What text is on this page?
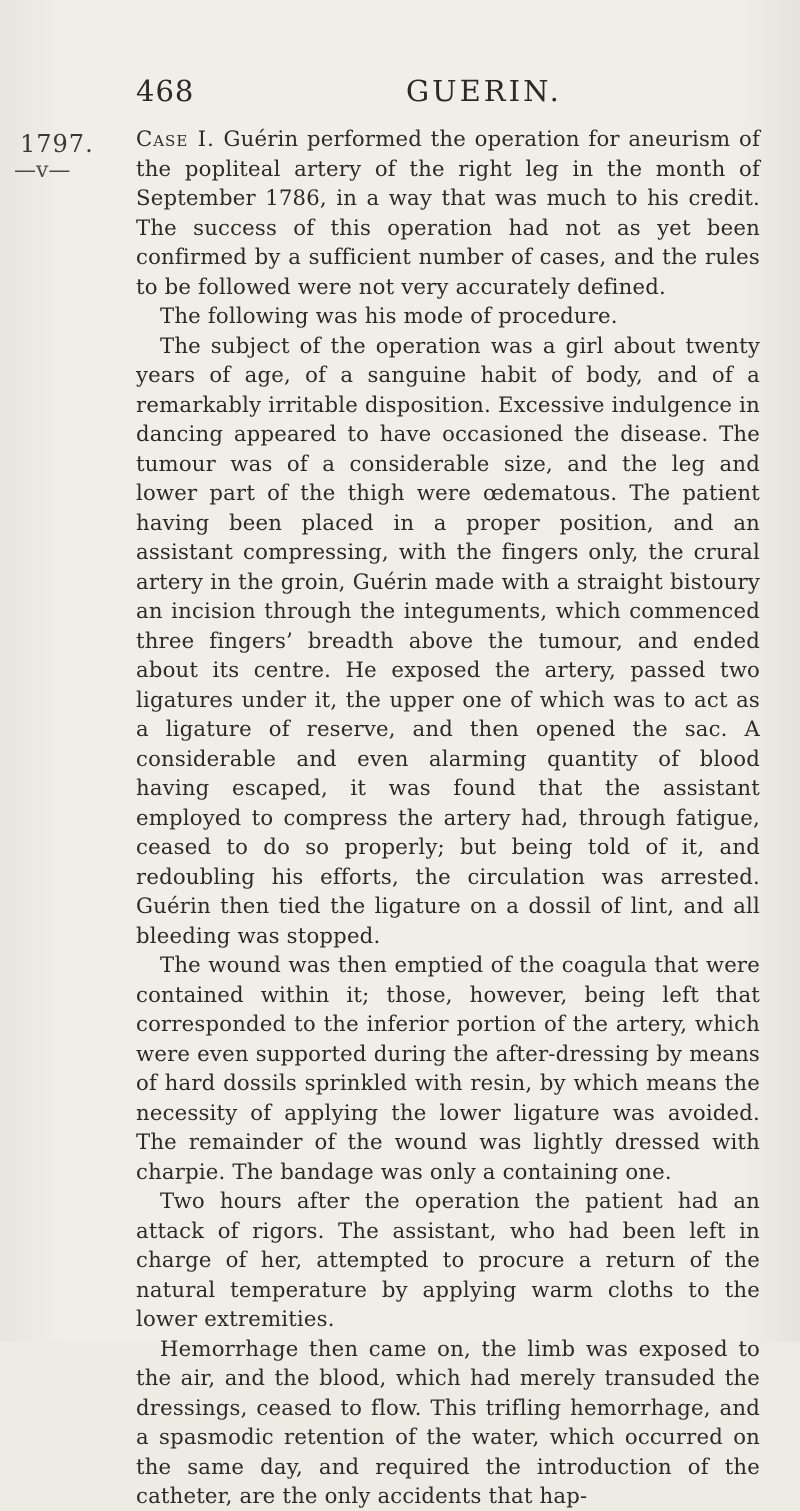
468	GUERIN.
1797.
—v—

Case I. Guérin performed the operation for aneurism of the popliteal artery of the right leg in the month of September 1786, in a way that was much to his credit. The success of this operation had not as yet been confirmed by a sufficient number of cases, and the rules to be followed were not very accurately defined.

The following was his mode of procedure.

The subject of the operation was a girl about twenty years of age, of a sanguine habit of body, and of a remarkably irritable disposition. Excessive indulgence in dancing appeared to have occasioned the disease. The tumour was of a considerable size, and the leg and lower part of the thigh were œdematous. The patient having been placed in a proper position, and an assistant compressing, with the fingers only, the crural artery in the groin, Guérin made with a straight bistoury an incision through the integuments, which commenced three fingers’ breadth above the tumour, and ended about its centre. He exposed the artery, passed two ligatures under it, the upper one of which was to act as a ligature of reserve, and then opened the sac. A considerable and even alarming quantity of blood having escaped, it was found that the assistant employed to compress the artery had, through fatigue, ceased to do so properly; but being told of it, and redoubling his efforts, the circulation was arrested. Guérin then tied the ligature on a dossil of lint, and all bleeding was stopped.

The wound was then emptied of the coagula that were contained within it; those, however, being left that corresponded to the inferior portion of the artery, which were even supported during the after-dressing by means of hard dossils sprinkled with resin, by which means the necessity of applying the lower ligature was avoided. The remainder of the wound was lightly dressed with charpie. The bandage was only a containing one.

Two hours after the operation the patient had an attack of rigors. The assistant, who had been left in charge of her, attempted to procure a return of the natural temperature by applying warm cloths to the lower extremities.

Hemorrhage then came on, the limb was exposed to the air, and the blood, which had merely transuded the dressings, ceased to flow. This trifling hemorrhage, and a spasmodic retention of the water, which occurred on the same day, and required the introduction of the catheter, are the only accidents that hap-
